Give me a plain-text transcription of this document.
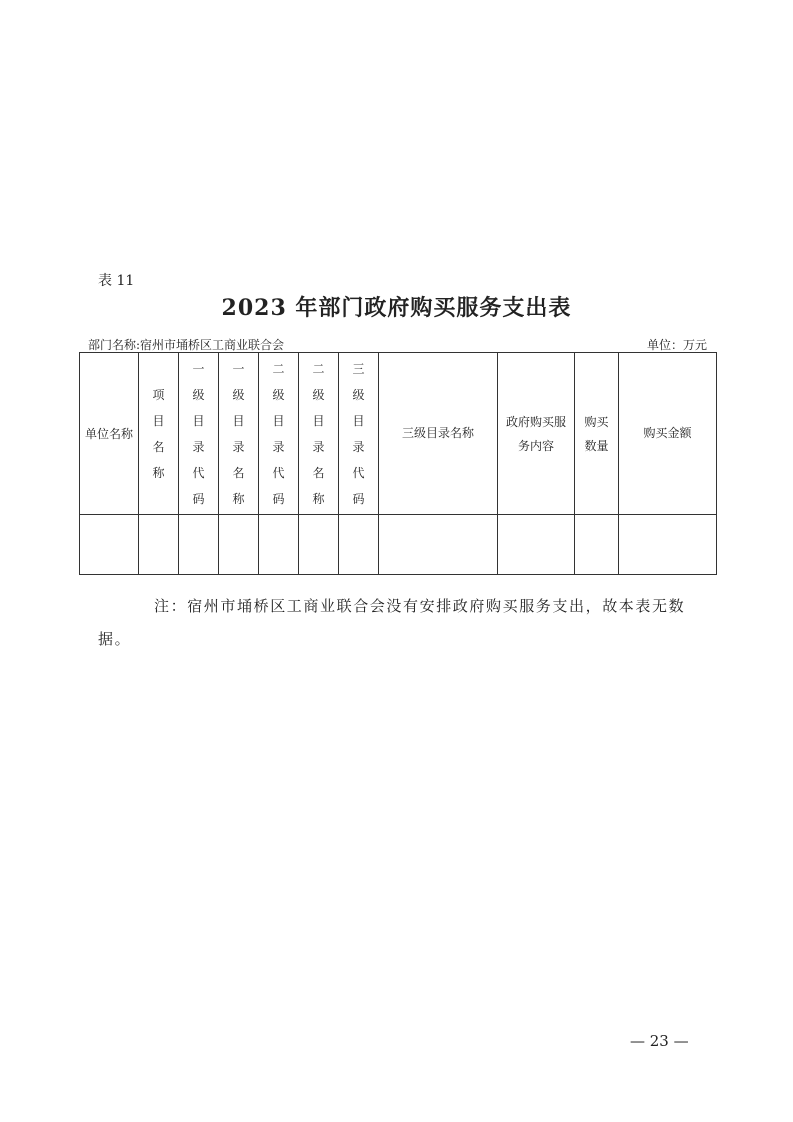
表 11
2023 年部门政府购买服务支出表
部门名称:宿州市埇桥区工商业联合会	单位：万元
单位名称	项目名称	一级目录代码	一级目录名称	二级目录代码	二级目录名称	三级目录代码	三级目录名称	政府购买服务内容	购买数量	购买金额

注：宿州市埇桥区工商业联合会没有安排政府购买服务支出，故本表无数据。
— 23 —
